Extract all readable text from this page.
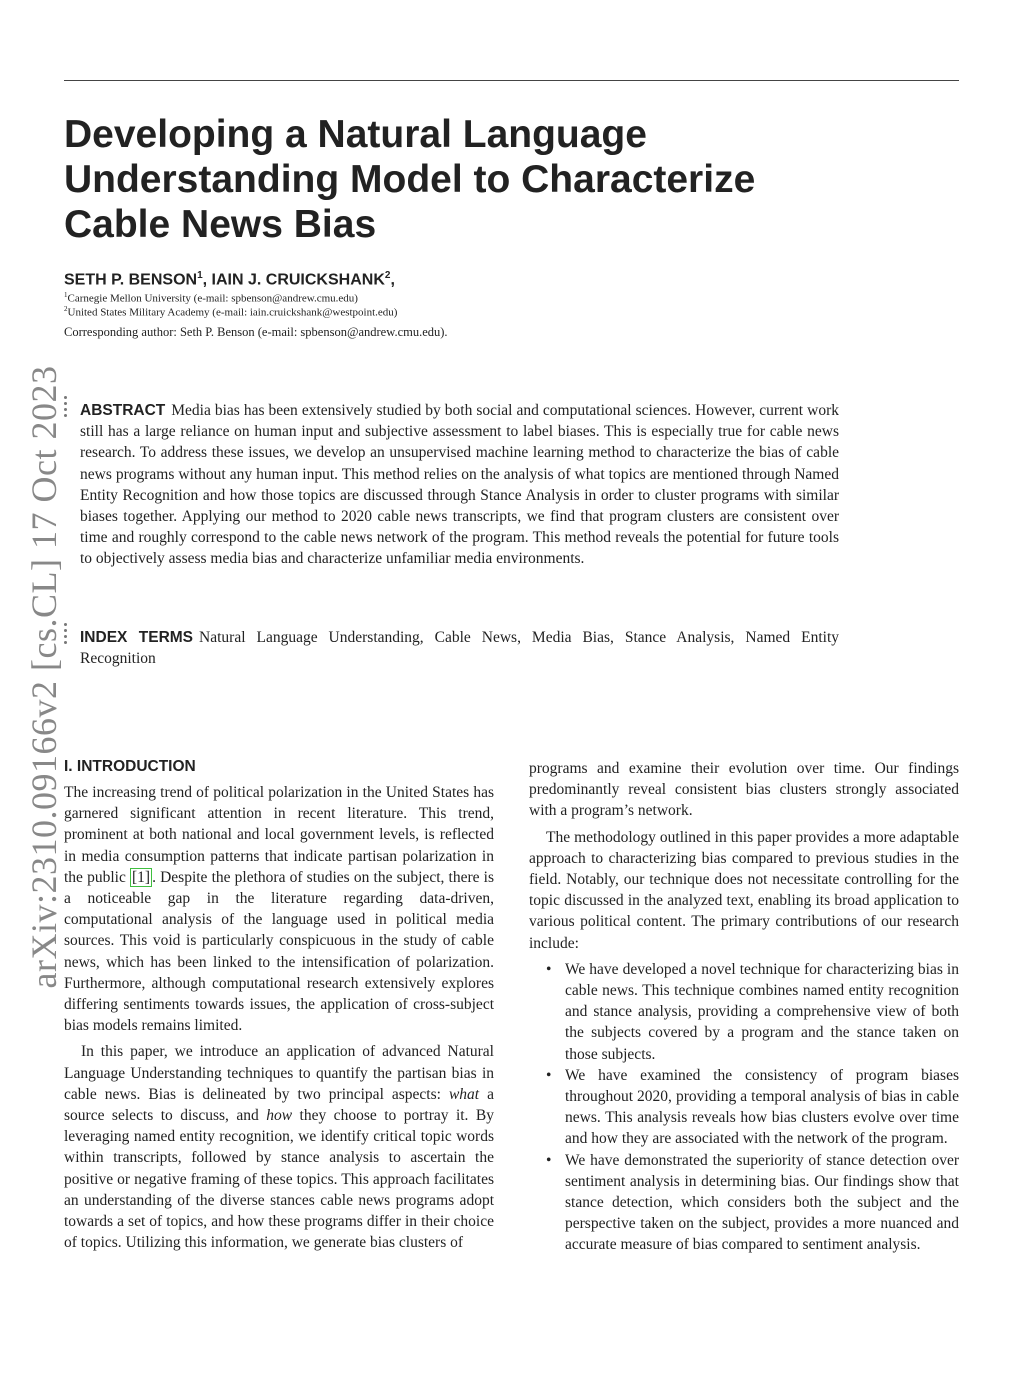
Developing a Natural Language
Understanding Model to Characterize
Cable News Bias
SETH P. BENSON$^1$, IAIN J. CRUICKSHANK$^2$,
$^1$Carnegie Mellon University (e-mail: spbenson@andrew.cmu.edu)
$^2$United States Military Academy (e-mail: iain.cruickshank@westpoint.edu)
Corresponding author: Seth P. Benson (e-mail: spbenson@andrew.cmu.edu).
arXiv:2310.09166v2 [cs.CL] 17 Oct 2023 ABSTRACT Media bias has been extensively studied by both social and computational sciences. However, current work still has a large reliance on human input and subjective assessment to label biases. This is especially true for cable news research. To address these issues, we develop an unsupervised machine learning method to characterize the bias of cable news programs without any human input. This method relies on the analysis of what topics are mentioned through Named Entity Recognition and how those topics are discussed through Stance Analysis in order to cluster programs with similar biases together. Applying our method to 2020 cable news transcripts, we find that program clusters are consistent over time and roughly correspond to the cable news network of the program. This method reveals the potential for future tools to objectively assess media bias and characterize unfamiliar media environments.

INDEX TERMS Natural Language Understanding, Cable News, Media Bias, Stance Analysis, Named Entity Recognition

I. INTRODUCTION

The increasing trend of political polarization in the United States has garnered significant attention in recent literature. This trend, prominent at both national and local government levels, is reflected in media consumption patterns that indicate partisan polarization in the public [1] . Despite the plethora of studies on the subject, there is a noticeable gap in the literature regarding data-driven, computational analysis of the language used in political media sources. This void is particularly conspicuous in the study of cable news, which has been linked to the intensification of polarization. Furthermore, although computational research extensively explores differing sentiments towards issues, the application of cross-subject bias models remains limited.

In this paper, we introduce an application of advanced Natural Language Understanding techniques to quantify the partisan bias in cable news. Bias is delineated by two principal aspects: what a source selects to discuss, and how they choose to portray it. By leveraging named entity recognition, we identify critical topic words within transcripts, followed by stance analysis to ascertain the positive or negative framing of these topics. This approach facilitates an understanding of the diverse stances cable news programs adopt towards a set of topics, and how these programs differ in their choice of topics. Utilizing this information, we generate bias clusters of

programs and examine their evolution over time. Our findings predominantly reveal consistent bias clusters strongly associated with a program’s network.

The methodology outlined in this paper provides a more adaptable approach to characterizing bias compared to previous studies in the field. Notably, our technique does not necessitate controlling for the topic discussed in the analyzed text, enabling its broad application to various political content. The primary contributions of our research include:

• We have developed a novel technique for characterizing bias in cable news. This technique combines named entity recognition and stance analysis, providing a comprehensive view of both the subjects covered by a program and the stance taken on those subjects.
• We have examined the consistency of program biases throughout 2020, providing a temporal analysis of bias in cable news. This analysis reveals how bias clusters evolve over time and how they are associated with the network of the program.
• We have demonstrated the superiority of stance detection over sentiment analysis in determining bias. Our findings show that stance detection, which considers both the subject and the perspective taken on the subject, provides a more nuanced and accurate measure of bias compared to sentiment analysis.
